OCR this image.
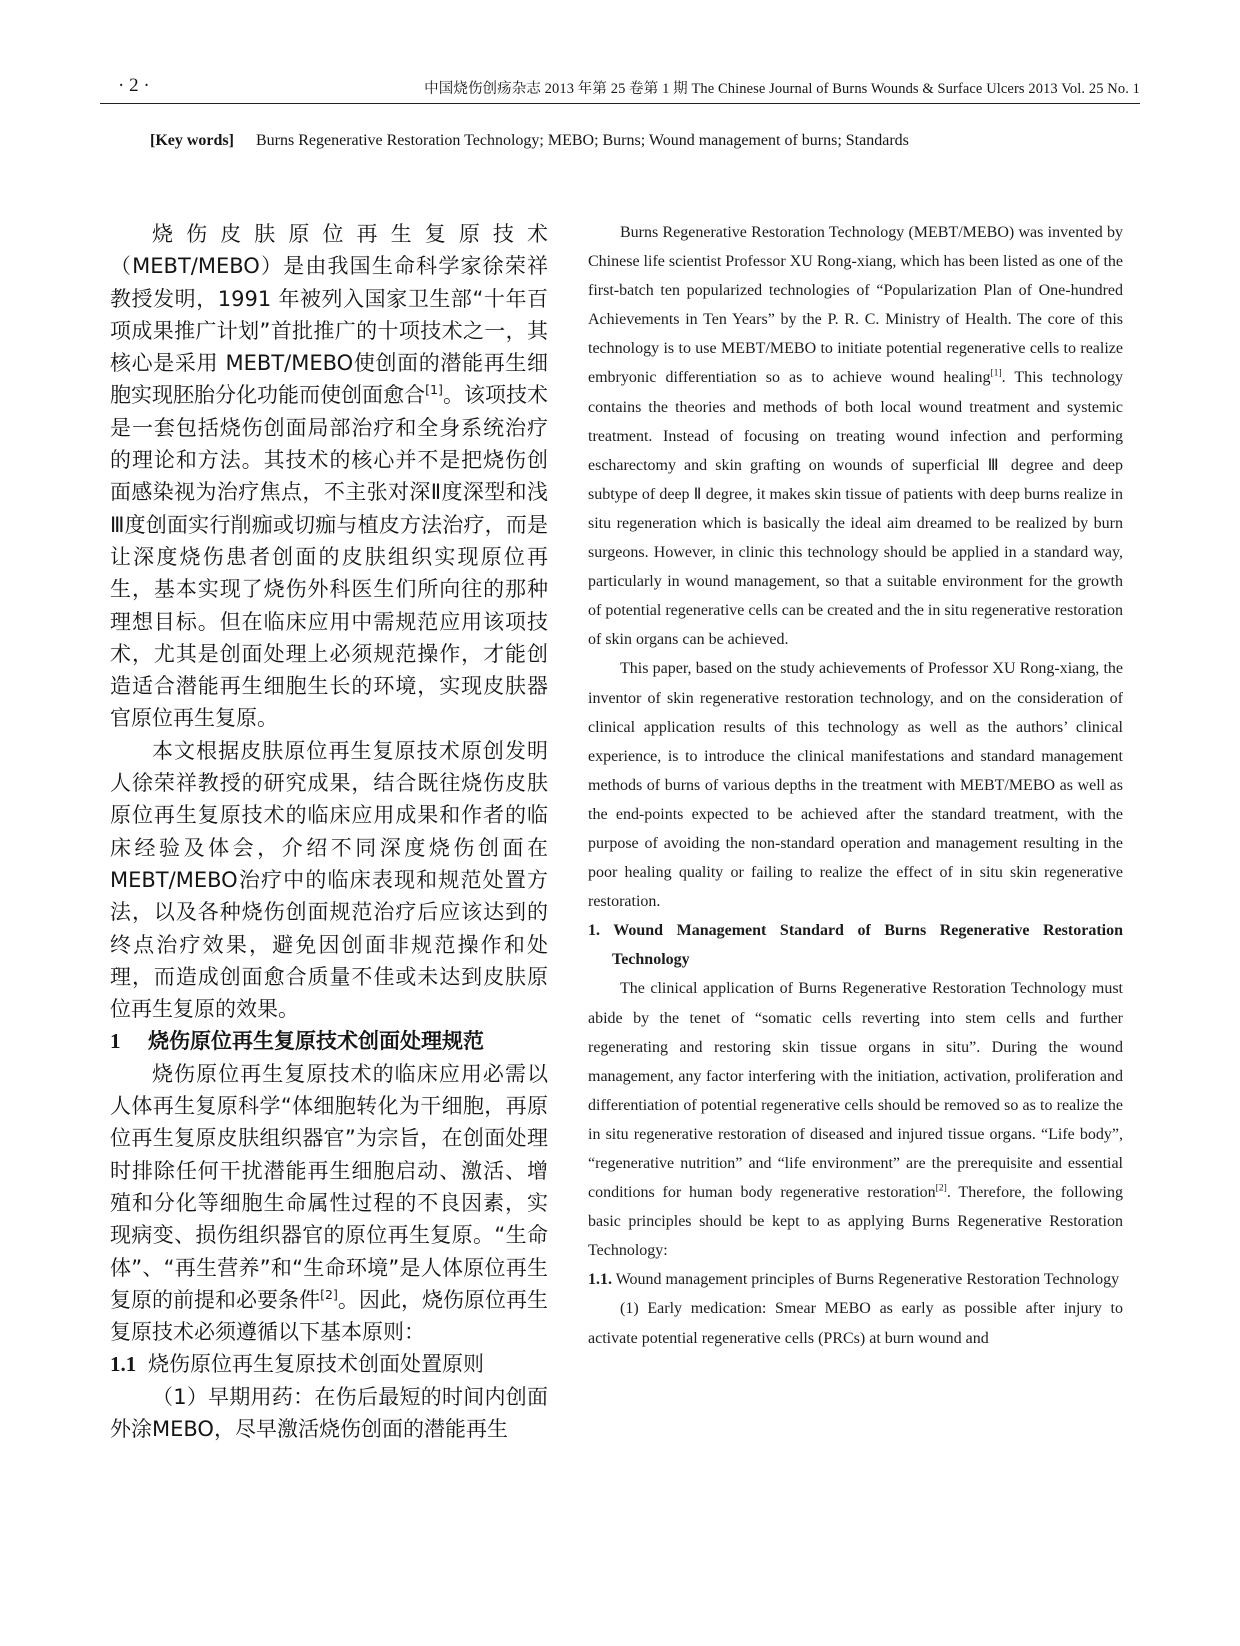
· 2 ·	中国烧伤创疡杂志 2013 年第 25 卷第 1 期 The Chinese Journal of Burns Wounds & Surface Ulcers 2013 Vol. 25 No. 1
[Key words] Burns Regenerative Restoration Technology; MEBO; Burns; Wound management of burns; Standards

烧伤皮肤原位再生复原技术（MEBT/MEBO）是由我国生命科学家徐荣祥教授发明，1991 年被列入国家卫生部“十年百项成果推广计划”首批推广的十项技术之一，其核心是采用 MEBT/MEBO使创面的潜能再生细胞实现胚胎分化功能而使创面愈合[1]。该项技术是一套包括烧伤创面局部治疗和全身系统治疗的理论和方法。其技术的核心并不是把烧伤创面感染视为治疗焦点，不主张对深Ⅱ度深型和浅Ⅲ度创面实行削痂或切痂与植皮方法治疗，而是让深度烧伤患者创面的皮肤组织实现原位再生，基本实现了烧伤外科医生们所向往的那种理想目标。但在临床应用中需规范应用该项技术，尤其是创面处理上必须规范操作，才能创造适合潜能再生细胞生长的环境，实现皮肤器官原位再生复原。

本文根据皮肤原位再生复原技术原创发明人徐荣祥教授的研究成果，结合既往烧伤皮肤原位再生复原技术的临床应用成果和作者的临床经验及体会，介绍不同深度烧伤创面在 MEBT/MEBO治疗中的临床表现和规范处置方法，以及各种烧伤创面规范治疗后应该达到的终点治疗效果，避免因创面非规范操作和处理，而造成创面愈合质量不佳或未达到皮肤原位再生复原的效果。

1 烧伤原位再生复原技术创面处理规范

烧伤原位再生复原技术的临床应用必需以人体再生复原科学“体细胞转化为干细胞，再原位再生复原皮肤组织器官”为宗旨，在创面处理时排除任何干扰潜能再生细胞启动、激活、增殖和分化等细胞生命属性过程的不良因素，实现病变、损伤组织器官的原位再生复原。“生命体”、“再生营养”和“生命环境”是人体原位再生复原的前提和必要条件[2]。因此，烧伤原位再生复原技术必须遵循以下基本原则：

1.1 烧伤原位再生复原技术创面处置原则

（1）早期用药：在伤后最短的时间内创面外涂MEBO，尽早激活烧伤创面的潜能再生

Burns Regenerative Restoration Technology (MEBT/MEBO) was invented by Chinese life scientist Professor XU Rong-xiang, which has been listed as one of the first-batch ten popularized technologies of “Popularization Plan of One-hundred Achievements in Ten Years” by the P. R. C. Ministry of Health. The core of this technology is to use MEBT/MEBO to initiate potential regenerative cells to realize embryonic differentiation so as to achieve wound healing[1]. This technology contains the theories and methods of both local wound treatment and systemic treatment. Instead of focusing on treating wound infection and performing escharectomy and skin grafting on wounds of superficial Ⅲ degree and deep subtype of deep Ⅱ degree, it makes skin tissue of patients with deep burns realize in situ regeneration which is basically the ideal aim dreamed to be realized by burn surgeons. However, in clinic this technology should be applied in a standard way, particularly in wound management, so that a suitable environment for the growth of potential regenerative cells can be created and the in situ regenerative restoration of skin organs can be achieved.

This paper, based on the study achievements of Professor XU Rong-xiang, the inventor of skin regenerative restoration technology, and on the consideration of clinical application results of this technology as well as the authors’ clinical experience, is to introduce the clinical manifestations and standard management methods of burns of various depths in the treatment with MEBT/MEBO as well as the end-points expected to be achieved after the standard treatment, with the purpose of avoiding the non-standard operation and management resulting in the poor healing quality or failing to realize the effect of in situ skin regenerative restoration.

1. Wound Management Standard of Burns Regenerative Restoration Technology

The clinical application of Burns Regenerative Restoration Technology must abide by the tenet of “somatic cells reverting into stem cells and further regenerating and restoring skin tissue organs in situ”. During the wound management, any factor interfering with the initiation, activation, proliferation and differentiation of potential regenerative cells should be removed so as to realize the in situ regenerative restoration of diseased and injured tissue organs. “Life body”, “regenerative nutrition” and “life environment” are the prerequisite and essential conditions for human body regenerative restoration[2]. Therefore, the following basic principles should be kept to as applying Burns Regenerative Restoration Technology:

1.1. Wound management principles of Burns Regenerative Restoration Technology

(1) Early medication: Smear MEBO as early as possible after injury to activate potential regenerative cells (PRCs) at burn wound and
